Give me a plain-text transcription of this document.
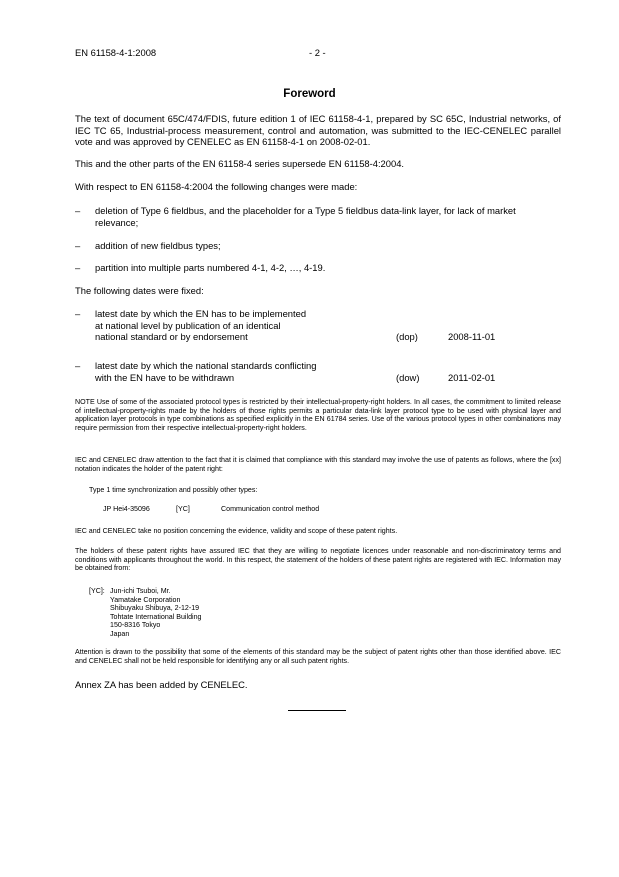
EN 61158-4-1:2008	- 2 -
Foreword
The text of document 65C/474/FDIS, future edition 1 of IEC 61158-4-1, prepared by SC 65C, Industrial networks, of IEC TC 65, Industrial-process measurement, control and automation, was submitted to the IEC-CENELEC parallel vote and was approved by CENELEC as EN 61158-4-1 on 2008-02-01.
This and the other parts of the EN 61158-4 series supersede EN 61158-4:2004.
With respect to EN 61158-4:2004 the following changes were made:
– deletion of Type 6 fieldbus, and the placeholder for a Type 5 fieldbus data-link layer, for lack of market relevance;
– addition of new fieldbus types;
– partition into multiple parts numbered 4-1, 4-2, …, 4-19.
The following dates were fixed:
– latest date by which the EN has to be implemented
at national level by publication of an identical
national standard or by endorsement	(dop)	2008-11-01
– latest date by which the national standards conflicting
with the EN have to be withdrawn	(dow)	2011-02-01
NOTE Use of some of the associated protocol types is restricted by their intellectual-property-right holders. In all cases, the commitment to limited release of intellectual-property-rights made by the holders of those rights permits a particular data-link layer protocol type to be used with physical layer and application layer protocols in type combinations as specified explicitly in the EN 61784 series. Use of the various protocol types in other combinations may require permission from their respective intellectual-property-right holders.
IEC and CENELEC draw attention to the fact that it is claimed that compliance with this standard may involve the use of patents as follows, where the [xx] notation indicates the holder of the patent right:
Type 1 time synchronization and possibly other types:
JP Hei4-35096	[YC]	Communication control method
IEC and CENELEC take no position concerning the evidence, validity and scope of these patent rights.
The holders of these patent rights have assured IEC that they are willing to negotiate licences under reasonable and non-discriminatory terms and conditions with applicants throughout the world. In this respect, the statement of the holders of these patent rights are registered with IEC. Information may be obtained from:
[YC]: Jun-ichi Tsuboi, Mr.
Yamatake Corporation
Shibuyaku Shibuya, 2-12-19
Tohtate International Building
150-8316 Tokyo
Japan
Attention is drawn to the possibility that some of the elements of this standard may be the subject of patent rights other than those identified above. IEC and CENELEC shall not be held responsible for identifying any or all such patent rights.
Annex ZA has been added by CENELEC.
